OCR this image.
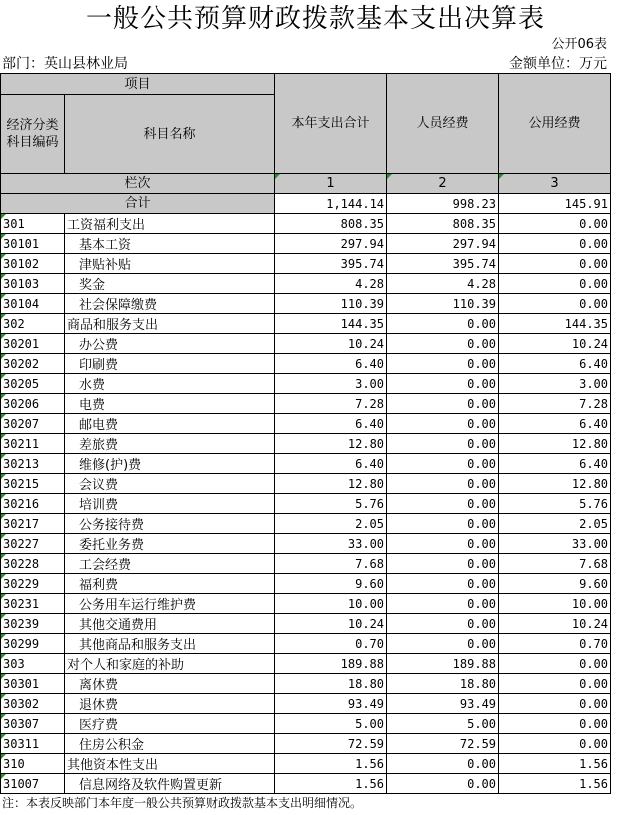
一般公共预算财政拨款基本支出决算表
公开06表
部门：英山县林业局	金额单位：万元
项目		本年支出合计	人员经费	公用经费
经济分类科目编码	科目名称			

栏次		1	2	3
合计		1,144.14	998.23	145.91

301	工资福利支出	808.35	808.35	0.00

30101	基本工资	297.94	297.94	0.00

30102	津贴补贴	395.74	395.74	0.00

30103	奖金	4.28	4.28	0.00

30104	社会保障缴费	110.39	110.39	0.00

302	商品和服务支出	144.35	0.00	144.35

30201	办公费	10.24	0.00	10.24

30202	印刷费	6.40	0.00	6.40

30205	水费	3.00	0.00	3.00

30206	电费	7.28	0.00	7.28

30207	邮电费	6.40	0.00	6.40

30211	差旅费	12.80	0.00	12.80

30213	维修(护)费	6.40	0.00	6.40

30215	会议费	12.80	0.00	12.80

30216	培训费	5.76	0.00	5.76

30217	公务接待费	2.05	0.00	2.05

30227	委托业务费	33.00	0.00	33.00

30228	工会经费	7.68	0.00	7.68

30229	福利费	9.60	0.00	9.60

30231	公务用车运行维护费	10.00	0.00	10.00

30239	其他交通费用	10.24	0.00	10.24

30299	其他商品和服务支出	0.70	0.00	0.70

303	对个人和家庭的补助	189.88	189.88	0.00

30301	离休费	18.80	18.80	0.00

30302	退休费	93.49	93.49	0.00

30307	医疗费	5.00	5.00	0.00

30311	住房公积金	72.59	72.59	0.00

310	其他资本性支出	1.56	0.00	1.56

31007	信息网络及软件购置更新	1.56	0.00	1.56
注：本表反映部门本年度一般公共预算财政拨款基本支出明细情况。
